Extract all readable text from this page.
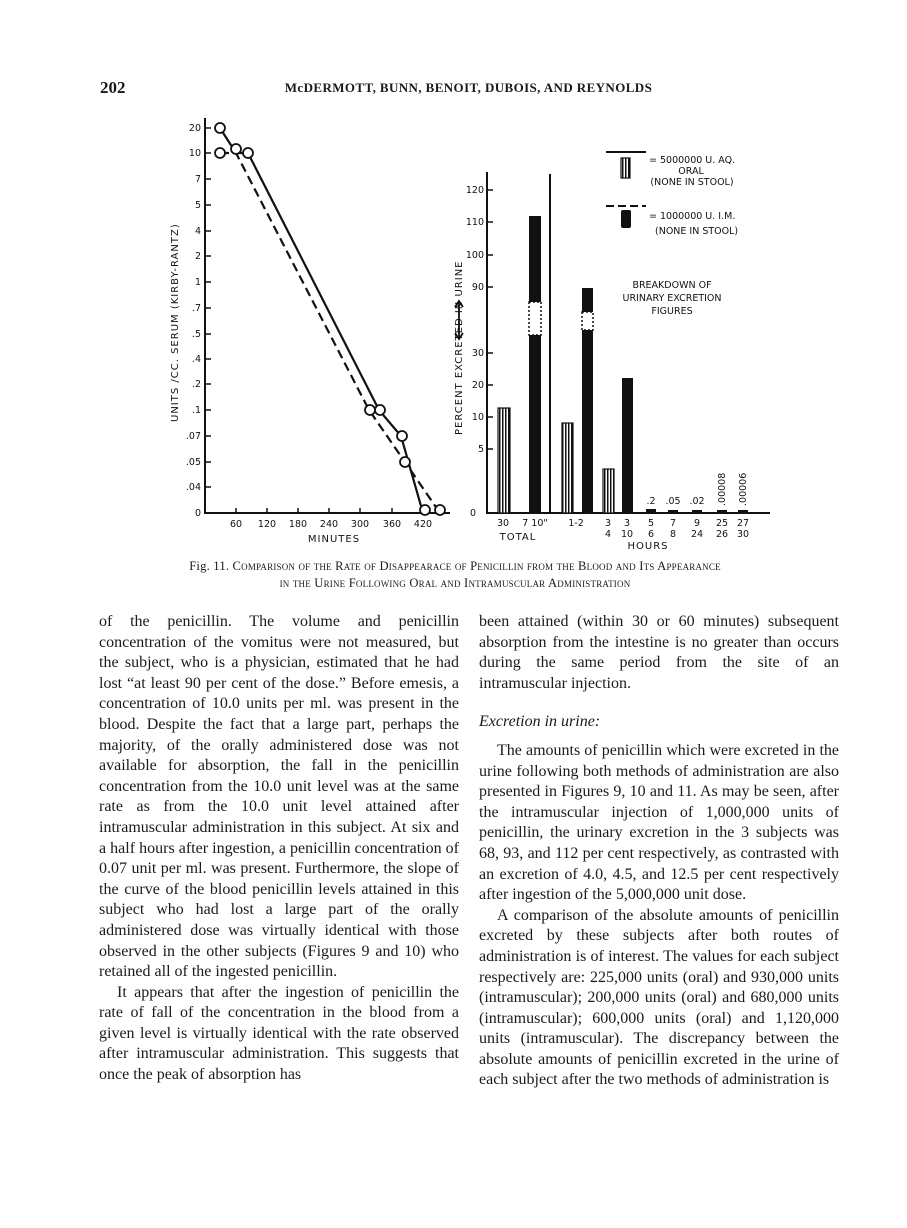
202	McDERMOTT, BUNN, BENOIT, DUBOIS, AND REYNOLDS
20
10
7
5
4
2
1
.7
.5
.4
.2
.1
.07
.05
.04
0
60 120 180 240 300 360 420
MINUTES
UNITS /CC. SERUM (KIRBY-RANTZ)
120
110
100
90
30
20
10
5
0
PERCENT EXCRETED IN URINE
.2 .05 .02 .00008 .00006
30 7 10" 1-2 3 3 5 7 9 25 27
4 10 6 8 24 26 30
TOTAL
HOURS
= 5000000 U. AQ.
ORAL
(NONE IN STOOL)
= 1000000 U. I.M.
(NONE IN STOOL)
BREAKDOWN OF
URINARY EXCRETION
FIGURES
Fig. 11. Comparison of the Rate of Disappearace of Penicillin from the Blood and Its Appearance
in the Urine Following Oral and Intramuscular Administration

of the penicillin. The volume and penicillin concentration of the vomitus were not measured, but the subject, who is a physician, estimated that he had lost “at least 90 per cent of the dose.” Before emesis, a concentration of 10.0 units per ml. was present in the blood. Despite the fact that a large part, perhaps the majority, of the orally administered dose was not available for absorption, the fall in the penicillin concentration from the 10.0 unit level was at the same rate as from the 10.0 unit level attained after intramuscular administration in this subject. At six and a half hours after ingestion, a penicillin concentration of 0.07 unit per ml. was present. Furthermore, the slope of the curve of the blood penicillin levels attained in this subject who had lost a large part of the orally administered dose was virtually identical with those observed in the other subjects (Figures 9 and 10) who retained all of the ingested penicillin.

It appears that after the ingestion of penicillin the rate of fall of the concentration in the blood from a given level is virtually identical with the rate observed after intramuscular administration. This suggests that once the peak of absorption has

been attained (within 30 or 60 minutes) subsequent absorption from the intestine is no greater than occurs during the same period from the site of an intramuscular injection.

Excretion in urine:

The amounts of penicillin which were excreted in the urine following both methods of administration are also presented in Figures 9, 10 and 11. As may be seen, after the intramuscular injection of 1,000,000 units of penicillin, the urinary excretion in the 3 subjects was 68, 93, and 112 per cent respectively, as contrasted with an excretion of 4.0, 4.5, and 12.5 per cent respectively after ingestion of the 5,000,000 unit dose.

A comparison of the absolute amounts of penicillin excreted by these subjects after both routes of administration is of interest. The values for each subject respectively are: 225,000 units (oral) and 930,000 units (intramuscular); 200,000 units (oral) and 680,000 units (intramuscular); 600,000 units (oral) and 1,120,000 units (intramuscular). The discrepancy between the absolute amounts of penicillin excreted in the urine of each subject after the two methods of administration is
